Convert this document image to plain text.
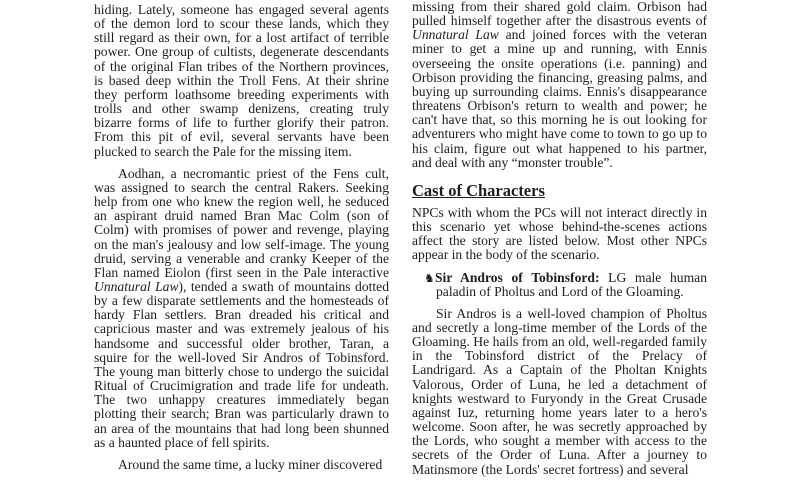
hiding. Lately, someone has engaged several agents of the demon lord to scour these lands, which they still regard as their own, for a lost artifact of terrible power. One group of cultists, degenerate descendants of the original Flan tribes of the Northern provinces, is based deep within the Troll Fens. At their shrine they perform loathsome breeding experiments with trolls and other swamp denizens, creating truly bizarre forms of life to further glorify their patron. From this pit of evil, several servants have been plucked to search the Pale for the missing item.

Aodhan, a necromantic priest of the Fens cult, was assigned to search the central Rakers. Seeking help from one who knew the region well, he seduced an aspirant druid named Bran Mac Colm (son of Colm) with promises of power and revenge, playing on the man's jealousy and low self-image. The young druid, serving a venerable and cranky Keeper of the Flan named Eiolon (first seen in the Pale interactive Unnatural Law), tended a swath of mountains dotted by a few disparate settlements and the homesteads of hardy Flan settlers. Bran dreaded his critical and capricious master and was extremely jealous of his handsome and successful older brother, Taran, a squire for the well-loved Sir Andros of Tobinsford. The young man bitterly chose to undergo the suicidal Ritual of Crucimigration and trade life for undeath. The two unhappy creatures immediately began plotting their search; Bran was particularly drawn to an area of the mountains that had long been shunned as a haunted place of fell spirits.

Around the same time, a lucky miner discovered

missing from their shared gold claim. Orbison had pulled himself together after the disastrous events of Unnatural Law and joined forces with the veteran miner to get a mine up and running, with Ennis overseeing the onsite operations (i.e. panning) and Orbison providing the financing, greasing palms, and buying up surrounding claims. Ennis's disappearance threatens Orbison's return to wealth and power; he can't have that, so this morning he is out looking for adventurers who might have come to town to go up to his claim, figure out what happened to his partner, and deal with any “monster trouble”.

Cast of Characters

NPCs with whom the PCs will not interact directly in this scenario yet whose behind-the-scenes actions affect the story are listed below. Most other NPCs appear in the body of the scenario.

♞Sir Andros of Tobinsford: LG male human paladin of Pholtus and Lord of the Gloaming.

Sir Andros is a well-loved champion of Pholtus and secretly a long-time member of the Lords of the Gloaming. He hails from an old, well-regarded family in the Tobinsford district of the Prelacy of Landrigard. As a Captain of the Pholtan Knights Valorous, Order of Luna, he led a detachment of knights westward to Furyondy in the Great Crusade against Iuz, returning home years later to a hero's welcome. Soon after, he was secretly approached by the Lords, who sought a member with access to the secrets of the Order of Luna. After a journey to Matinsmore (the Lords' secret fortress) and several
